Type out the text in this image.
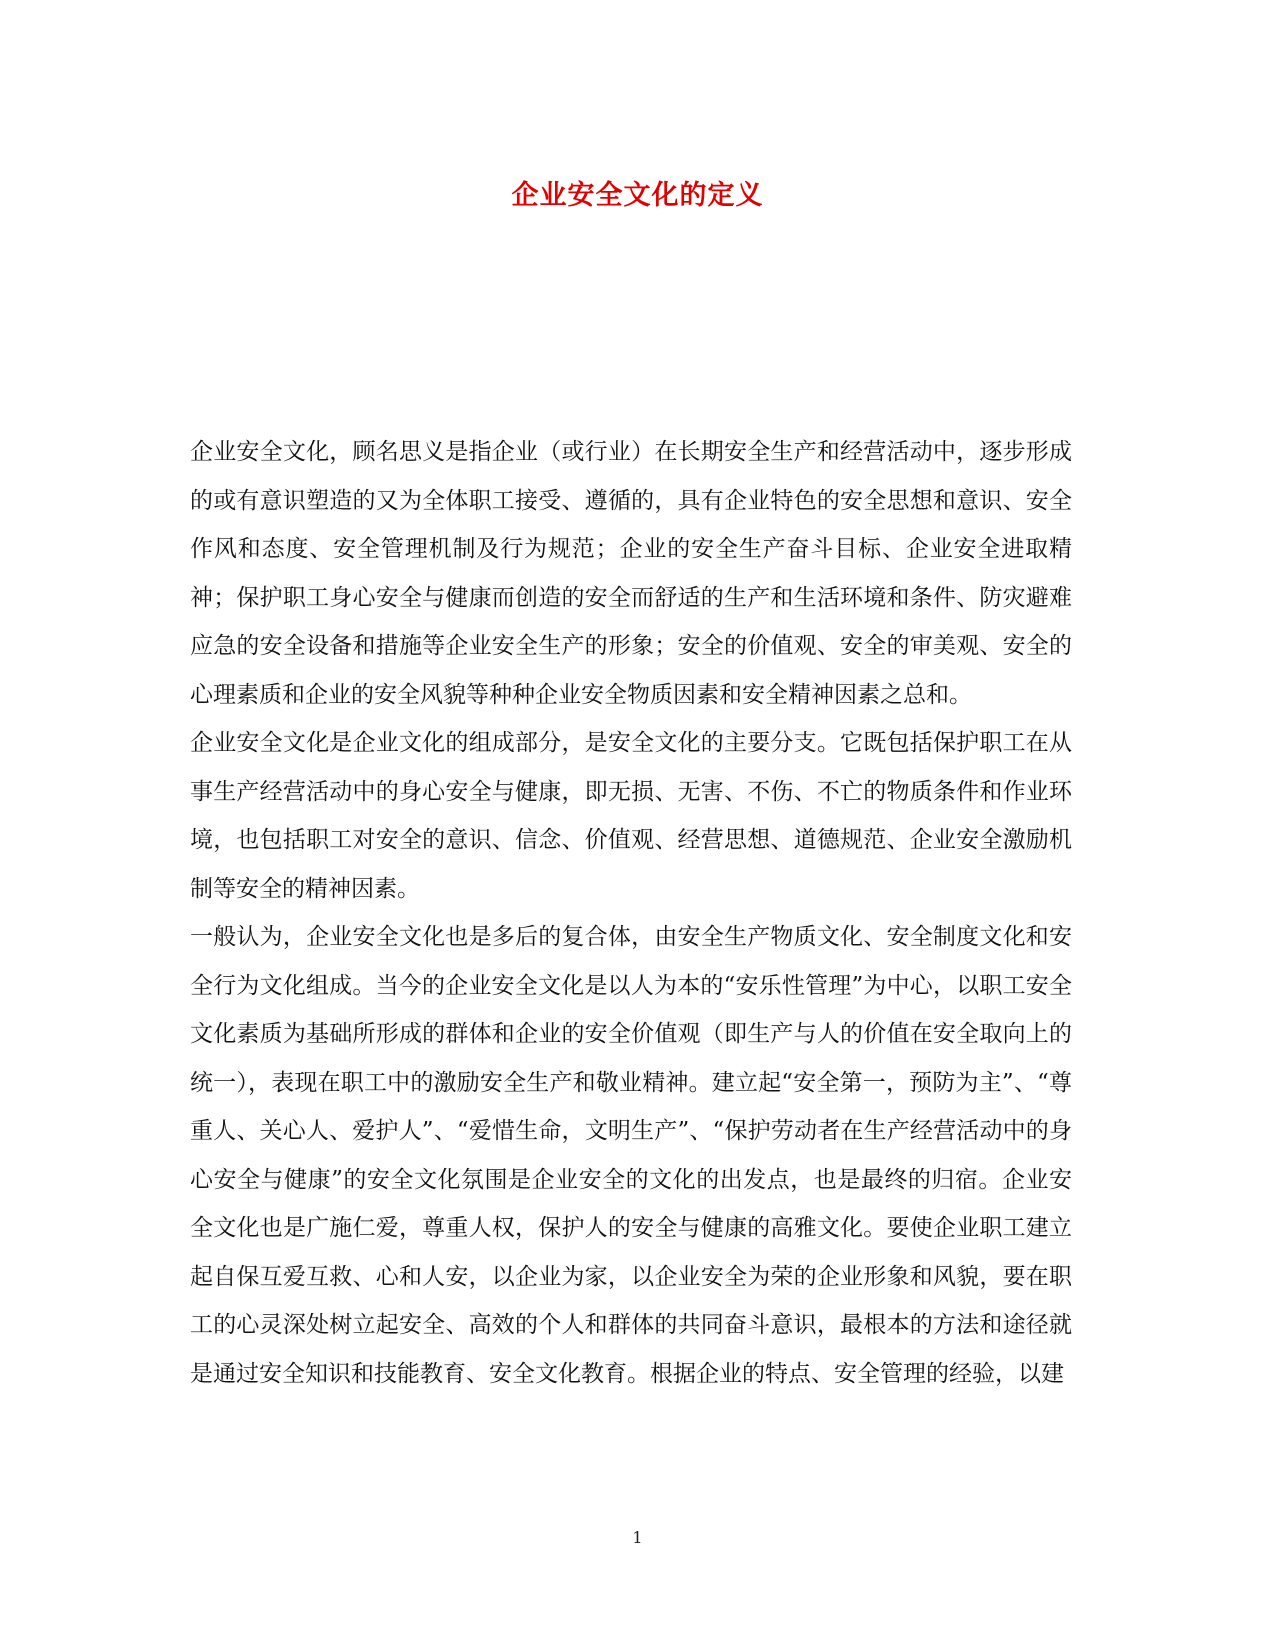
企业安全文化的定义

企业安全文化，顾名思义是指企业（或行业）在长期安全生产和经营活动中，逐步形成的或有意识塑造的又为全体职工接受、遵循的，具有企业特色的安全思想和意识、安全作风和态度、安全管理机制及行为规范；企业的安全生产奋斗目标、企业安全进取精神；保护职工身心安全与健康而创造的安全而舒适的生产和生活环境和条件、防灾避难应急的安全设备和措施等企业安全生产的形象；安全的价值观、安全的审美观、安全的心理素质和企业的安全风貌等种种企业安全物质因素和安全精神因素之总和。

企业安全文化是企业文化的组成部分，是安全文化的主要分支。它既包括保护职工在从事生产经营活动中的身心安全与健康，即无损、无害、不伤、不亡的物质条件和作业环境，也包括职工对安全的意识、信念、价值观、经营思想、道德规范、企业安全激励机制等安全的精神因素。

一般认为，企业安全文化也是多后的复合体，由安全生产物质文化、安全制度文化和安全行为文化组成。当今的企业安全文化是以人为本的“安乐性管理”为中心，以职工安全文化素质为基础所形成的群体和企业的安全价值观（即生产与人的价值在安全取向上的统一），表现在职工中的激励安全生产和敬业精神。建立起“安全第一，预防为主”、“尊重人、关心人、爱护人”、“爱惜生命，文明生产”、“保护劳动者在生产经营活动中的身心安全与健康”的安全文化氛围是企业安全的文化的出发点，也是最终的归宿。企业安全文化也是广施仁爱，尊重人权，保护人的安全与健康的高雅文化。要使企业职工建立起自保互爱互救、心和人安，以企业为家，以企业安全为荣的企业形象和风貌，要在职工的心灵深处树立起安全、高效的个人和群体的共同奋斗意识，最根本的方法和途径就是通过安全知识和技能教育、安全文化教育。根据企业的特点、安全管理的经验，以建

1
